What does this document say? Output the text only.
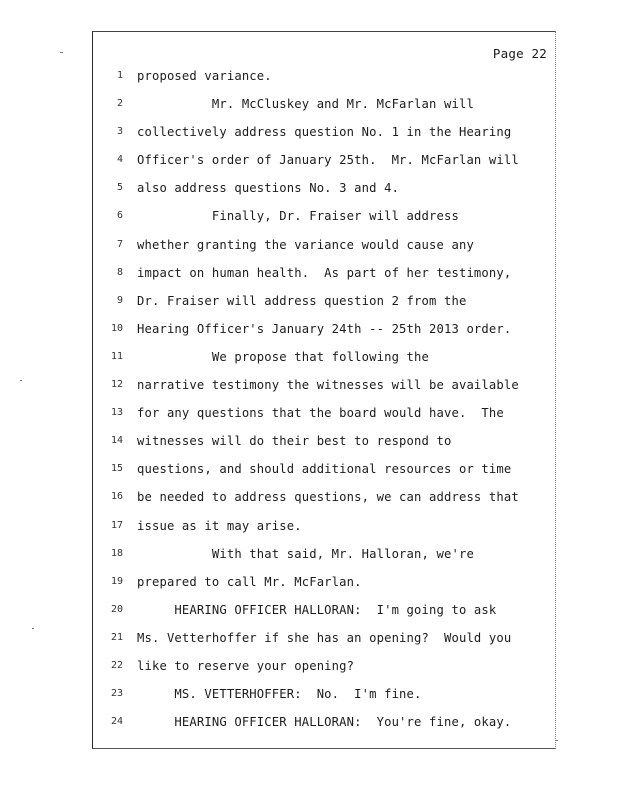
Page 22
1 proposed variance.
2 Mr. McCluskey and Mr. McFarlan will
3 collectively address question No. 1 in the Hearing
4 Officer's order of January 25th.  Mr. McFarlan will
5 also address questions No. 3 and 4.
6 Finally, Dr. Fraiser will address
7 whether granting the variance would cause any
8 impact on human health.  As part of her testimony,
9 Dr. Fraiser will address question 2 from the
10 Hearing Officer's January 24th -- 25th 2013 order.
11 We propose that following the
12 narrative testimony the witnesses will be available
13 for any questions that the board would have.  The
14 witnesses will do their best to respond to
15 questions, and should additional resources or time
16 be needed to address questions, we can address that
17 issue as it may arise.
18 With that said, Mr. Halloran, we're
19 prepared to call Mr. McFarlan.
20 HEARING OFFICER HALLORAN:  I'm going to ask
21 Ms. Vetterhoffer if she has an opening?  Would you
22 like to reserve your opening?
23 MS. VETTERHOFFER:  No.  I'm fine.
24 HEARING OFFICER HALLORAN:  You're fine, okay.
